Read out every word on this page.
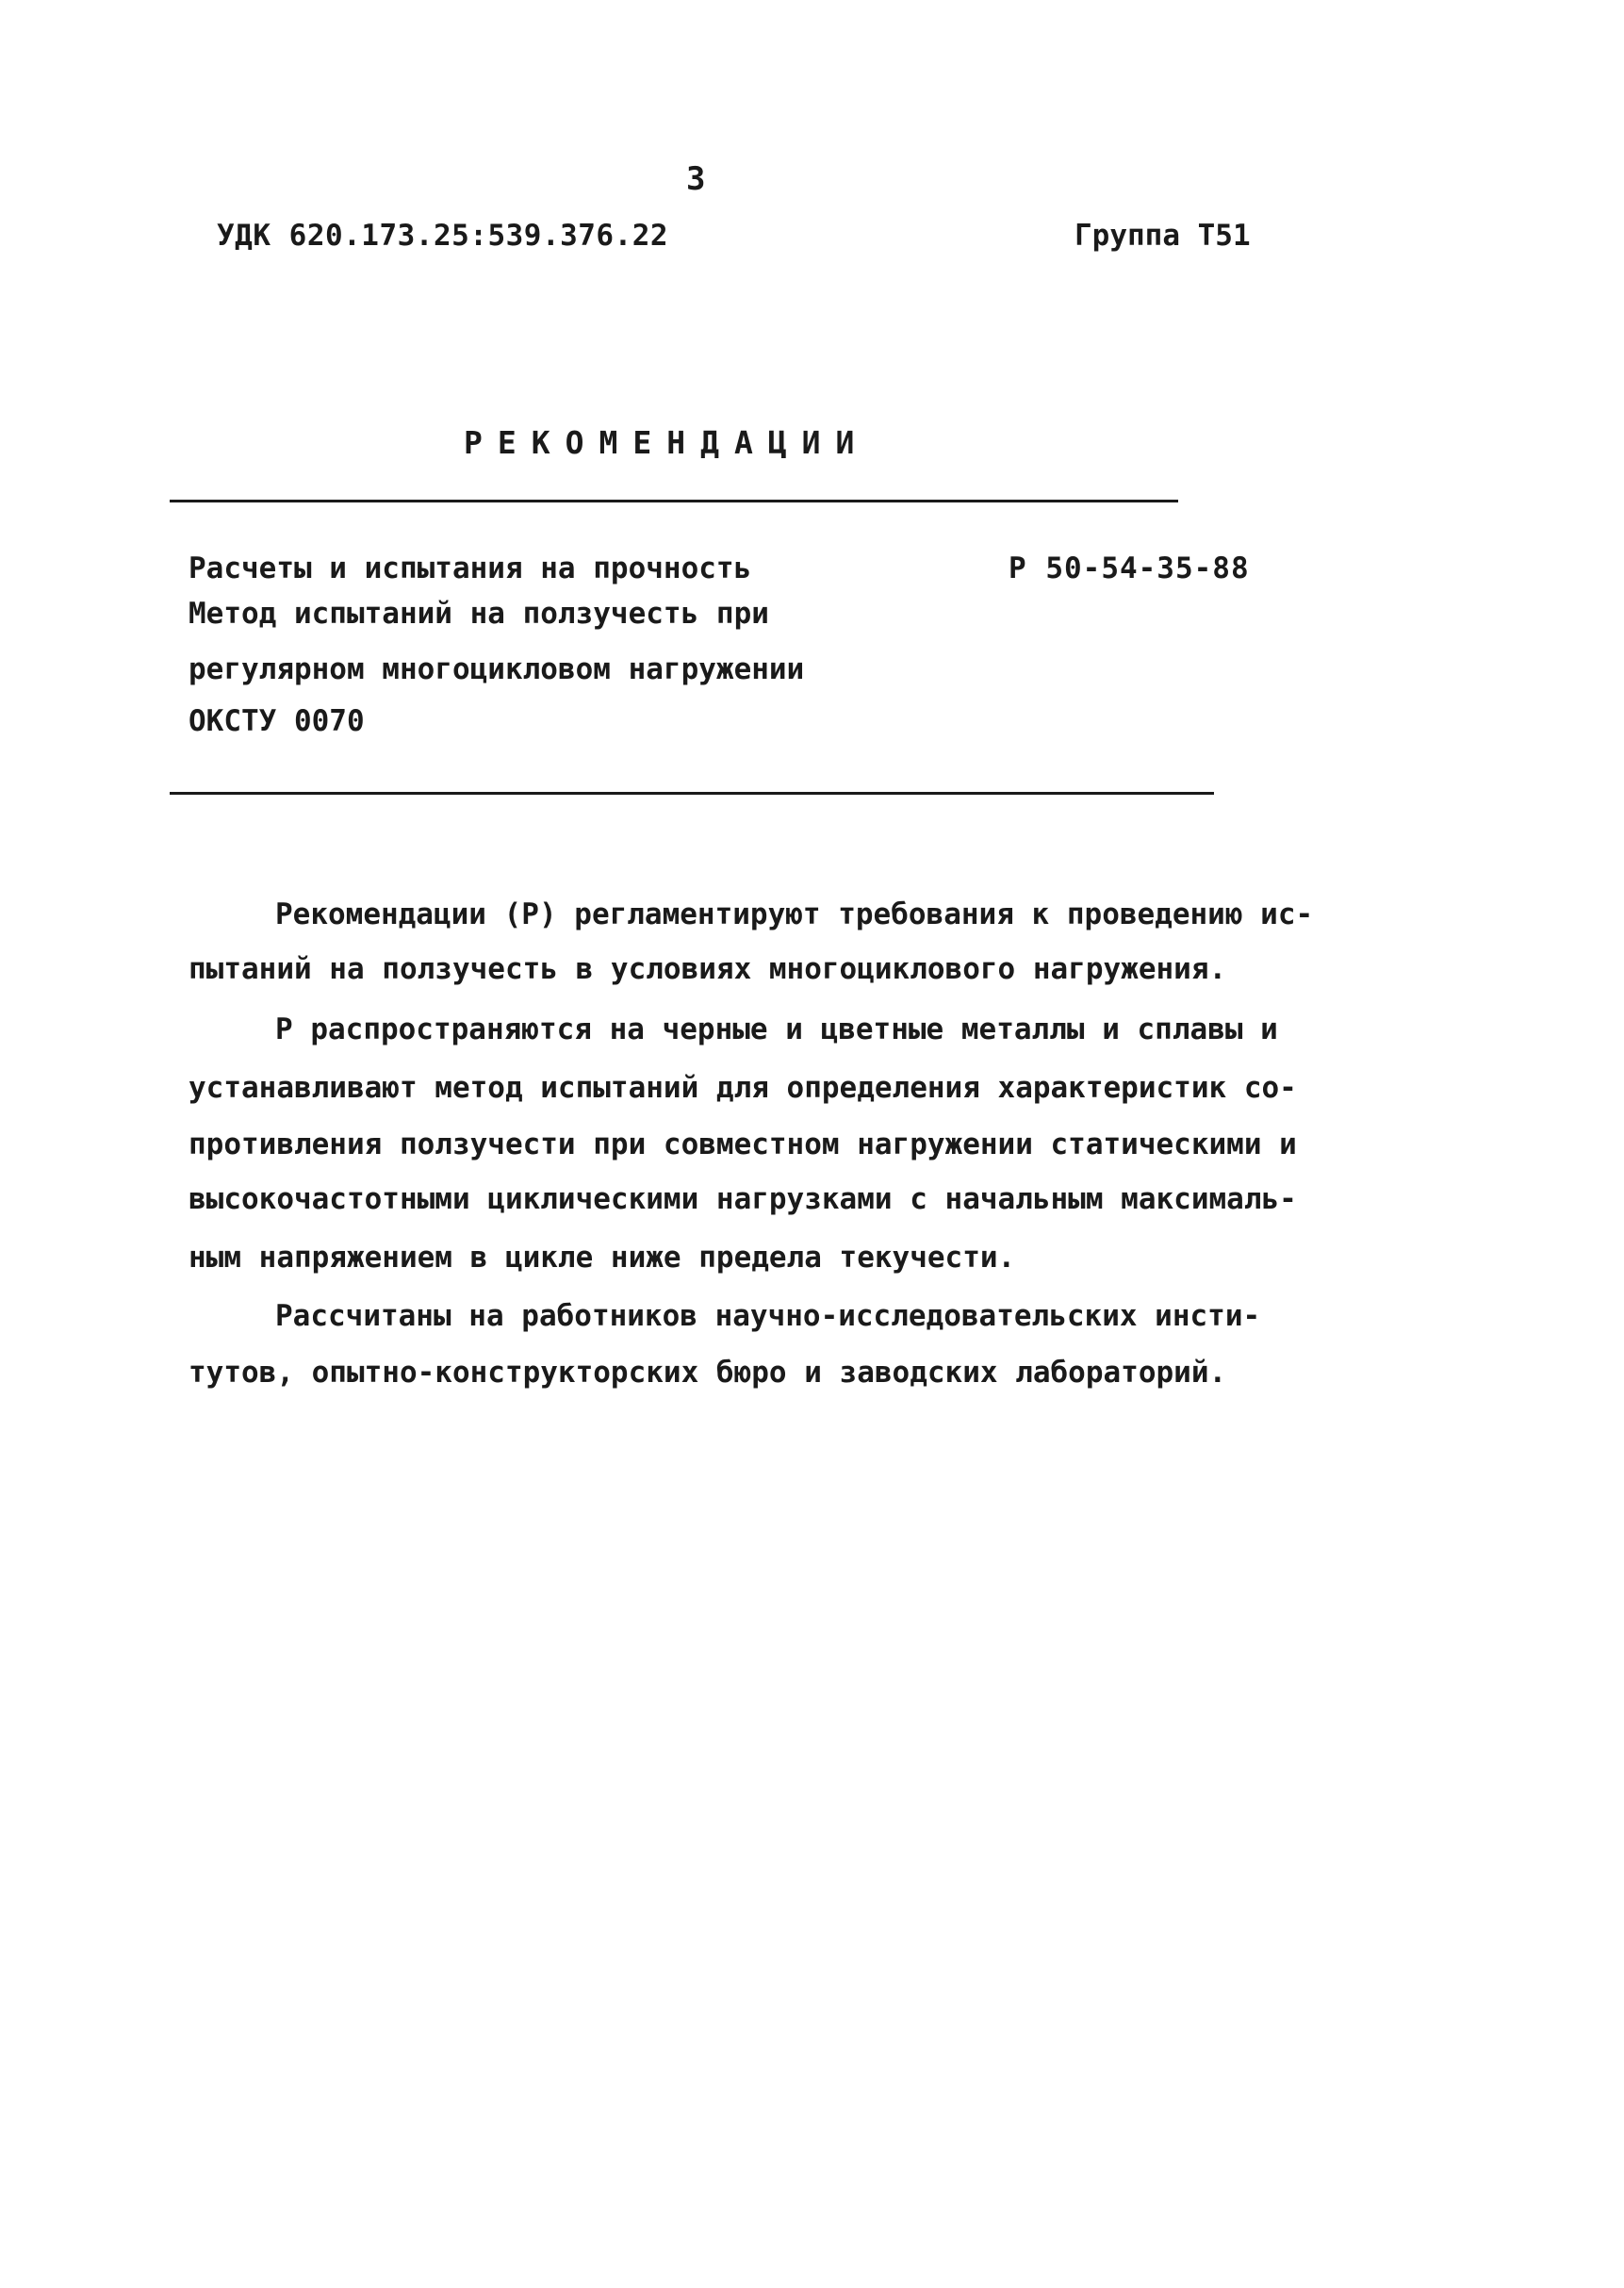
3
УДК 620.173.25:539.376.22	Группа Т51
РЕКОМЕНДАЦИИ
Расчеты и испытания на прочность
Метод испытаний на ползучесть при
регулярном многоцикловом нагружении
ОКСТУ 0070
Р 50-54-35-88
Рекомендации (Р) регламентируют требования к проведению ис-
пытаний на ползучесть в условиях многоциклового нагружения.
Р распространяются на черные и цветные металлы и сплавы и
устанавливают метод испытаний для определения характеристик со-
противления ползучести при совместном нагружении статическими и
высокочастотными циклическими нагрузками с начальным максималь-
ным напряжением в цикле ниже предела текучести.
Рассчитаны на работников научно-исследовательских инсти-
тутов, опытно-конструкторских бюро и заводских лабораторий.
